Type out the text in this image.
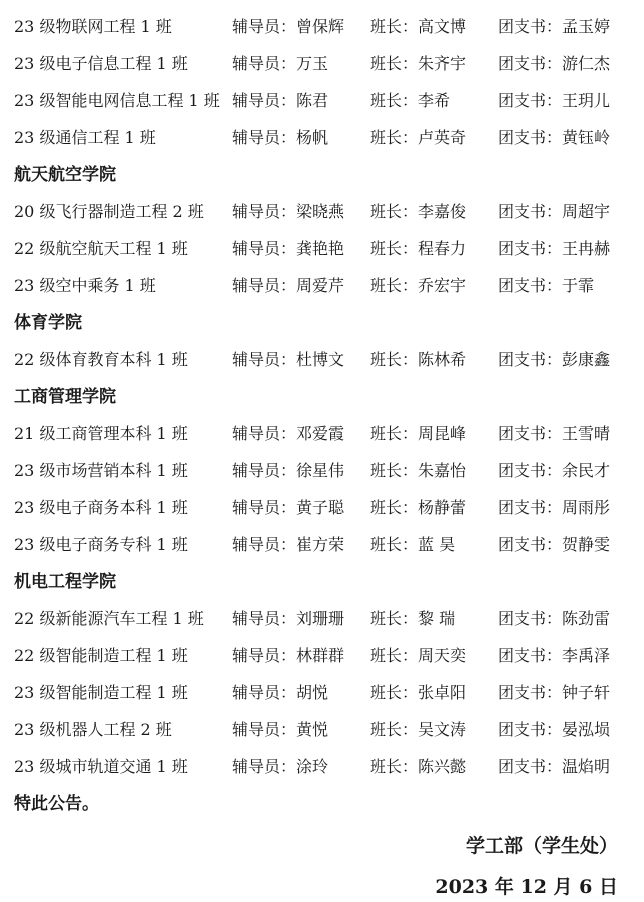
23 级物联网工程 1 班	辅导员：曾保辉 班长：高文博 团支书：孟玉婷
23 级电子信息工程 1 班	辅导员：万玉	班长：朱齐宇 团支书：游仁杰
23 级智能电网信息工程 1 班 辅导员：陈君	班长：李希	团支书：王玥儿
23 级通信工程 1 班	辅导员：杨帆	班长：卢英奇 团支书：黄钰岭
航天航空学院
20 级飞行器制造工程 2 班 辅导员：梁晓燕 班长：李嘉俊 团支书：周超宇
22 级航空航天工程 1 班	辅导员：龚艳艳 班长：程春力 团支书：王冉赫
23 级空中乘务 1 班	辅导员：周爱芹 班长：乔宏宇 团支书：于霏
体育学院
22 级体育教育本科 1 班	辅导员：杜博文 班长：陈林希 团支书：彭康鑫
工商管理学院
21 级工商管理本科 1 班	辅导员：邓爱霞 班长：周昆峰 团支书：王雪晴
23 级市场营销本科 1 班	辅导员：徐星伟 班长：朱嘉怡 团支书：余民才
23 级电子商务本科 1 班	辅导员：黄子聪 班长：杨静蕾 团支书：周雨彤
23 级电子商务专科 1 班	辅导员：崔方荣 班长：蓝 昊	团支书：贺静雯
机电工程学院
22 级新能源汽车工程 1 班 辅导员：刘珊珊 班长：黎 瑞	团支书：陈劲雷
22 级智能制造工程 1 班	辅导员：林群群 班长：周天奕 团支书：李禹泽
23 级智能制造工程 1 班	辅导员：胡悦	班长：张卓阳 团支书：钟子轩
23 级机器人工程 2 班	辅导员：黄悦	班长：吴文涛 团支书：晏泓埙
23 级城市轨道交通 1 班	辅导员：涂玲	班长：陈兴懿 团支书：温焰明
特此公告。
学工部（学生处）
2023 年 12 月 6 日
